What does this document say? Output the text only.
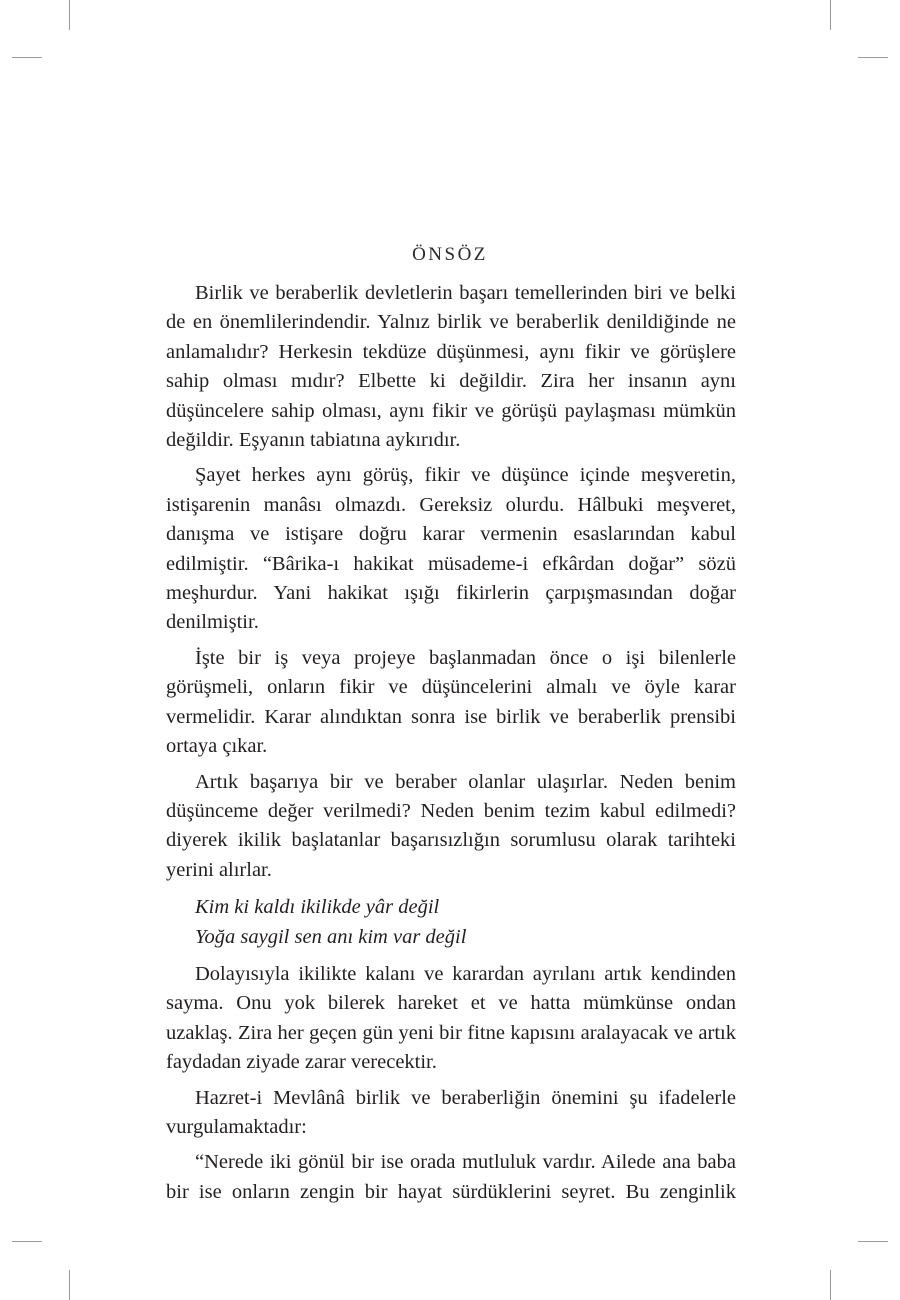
ÖNSÖZ

Birlik ve beraberlik devletlerin başarı temellerinden biri ve belki de en önemlilerindendir. Yalnız birlik ve beraberlik denildiğinde ne anlamalıdır? Herkesin tekdüze düşünmesi, aynı fikir ve görüşlere sahip olması mıdır? Elbette ki değildir. Zira her insanın aynı düşüncelere sahip olması, aynı fikir ve görüşü paylaşması mümkün değildir. Eşyanın tabiatına aykırıdır.

Şayet herkes aynı görüş, fikir ve düşünce içinde meşveretin, istişarenin manâsı olmazdı. Gereksiz olurdu. Hâlbuki meşveret, danışma ve istişare doğru karar vermenin esaslarından kabul edilmiştir. “Bârika-ı hakikat müsademe-i efkârdan doğar” sözü meşhurdur. Yani hakikat ışığı fikirlerin çarpışmasından doğar denilmiştir.

İşte bir iş veya projeye başlanmadan önce o işi bilenlerle görüşmeli, onların fikir ve düşüncelerini almalı ve öyle karar vermelidir. Karar alındıktan sonra ise birlik ve beraberlik prensibi ortaya çıkar.

Artık başarıya bir ve beraber olanlar ulaşırlar. Neden benim düşünceme değer verilmedi? Neden benim tezim kabul edilmedi? diyerek ikilik başlatanlar başarısızlığın sorumlusu olarak tarihteki yerini alırlar.

Kim ki kaldı ikilikde yâr değil
Yoğa saygil sen anı kim var değil

Dolayısıyla ikilikte kalanı ve karardan ayrılanı artık kendinden sayma. Onu yok bilerek hareket et ve hatta mümkünse ondan uzaklaş. Zira her geçen gün yeni bir fitne kapısını aralayacak ve artık faydadan ziyade zarar verecektir.

Hazret-i Mevlânâ birlik ve beraberliğin önemini şu ifadelerle vurgulamaktadır:

“Nerede iki gönül bir ise orada mutluluk vardır. Ailede ana baba bir ise onların zengin bir hayat sürdüklerini seyret. Bu zenginlik
